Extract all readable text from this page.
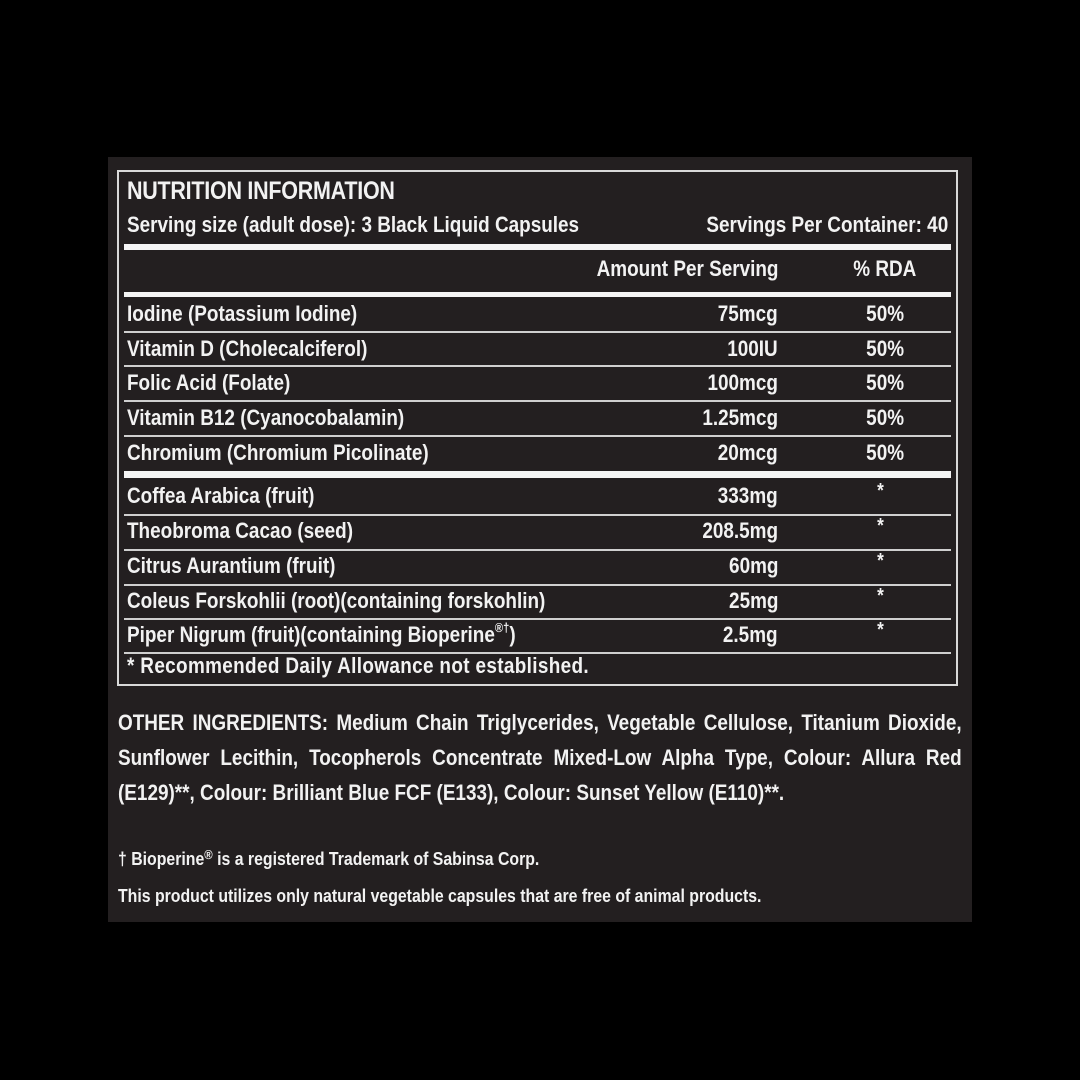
NUTRITION INFORMATION
Serving size (adult dose): 3 Black Liquid Capsules	Servings Per Container: 40
Amount Per Serving	% RDA
Iodine (Potassium Iodine)	75mcg	50%
Vitamin D (Cholecalciferol)	100IU	50%
Folic Acid (Folate)	100mcg	50%
Vitamin B12 (Cyanocobalamin)	1.25mcg	50%
Chromium (Chromium Picolinate)	20mcg	50%
Coffea Arabica (fruit)	333mg	*
Theobroma Cacao (seed)	208.5mg	*
Citrus Aurantium (fruit)	60mg	*
Coleus Forskohlii (root)(containing forskohlin)	25mg	*
Piper Nigrum (fruit)(containing Bioperine®†)	2.5mg	*
* Recommended Daily Allowance not established.
OTHER INGREDIENTS: Medium Chain Triglycerides, Vegetable Cellulose, Titanium Dioxide, Sunflower Lecithin, Tocopherols Concentrate Mixed-Low Alpha Type, Colour: Allura Red (E129)**, Colour: Brilliant Blue FCF (E133), Colour: Sunset Yellow (E110)**.
† Bioperine® is a registered Trademark of Sabinsa Corp.
This product utilizes only natural vegetable capsules that are free of animal products.
